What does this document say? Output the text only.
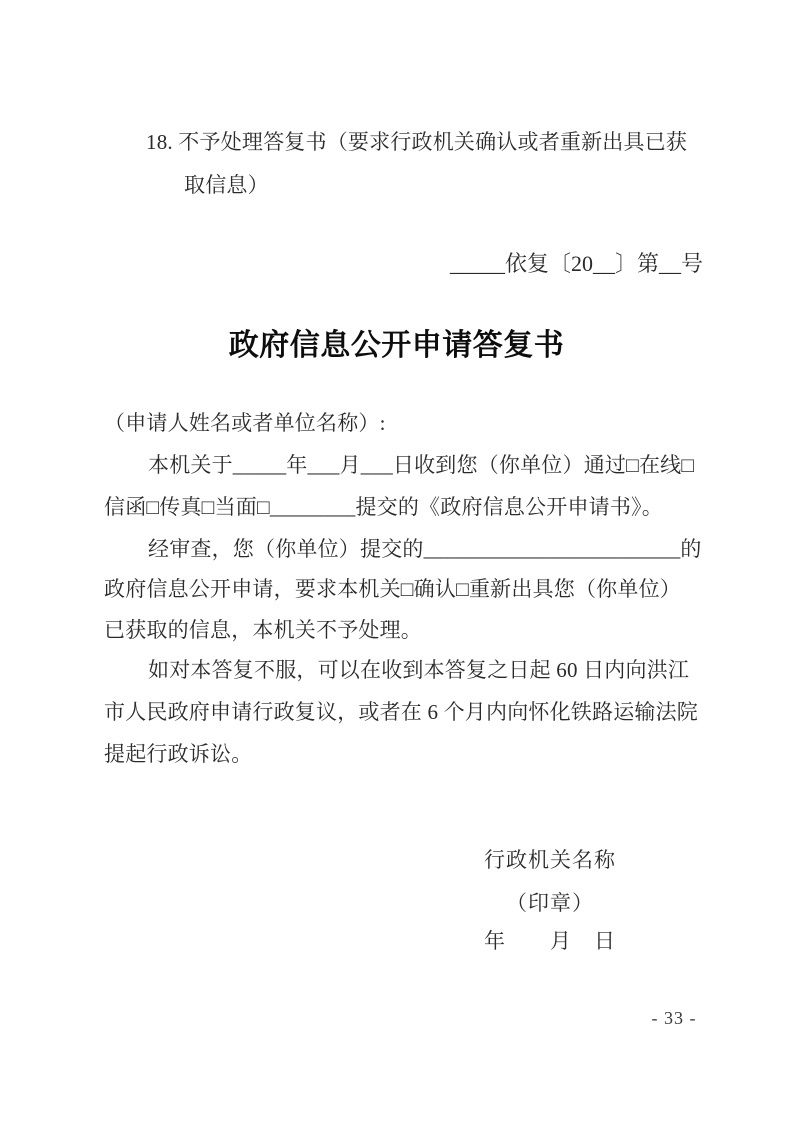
18. 不予处理答复书（要求行政机关确认或者重新出具已获
取信息）
_____依复〔20__〕第__号
政府信息公开申请答复书
（申请人姓名或者单位名称）:
本机关于_____年___月___日收到您（你单位）通过□在线□
信函□传真□当面□________提交的《政府信息公开申请书》。
经审查，您（你单位）提交的________________________的
政府信息公开申请，要求本机关□确认□重新出具您（你单位）
已获取的信息，本机关不予处理。
如对本答复不服，可以在收到本答复之日起 60 日内向洪江
市人民政府申请行政复议，或者在 6 个月内向怀化铁路运输法院
提起行政诉讼。
行政机关名称
（印章）
年　　月　日
- 33 -
